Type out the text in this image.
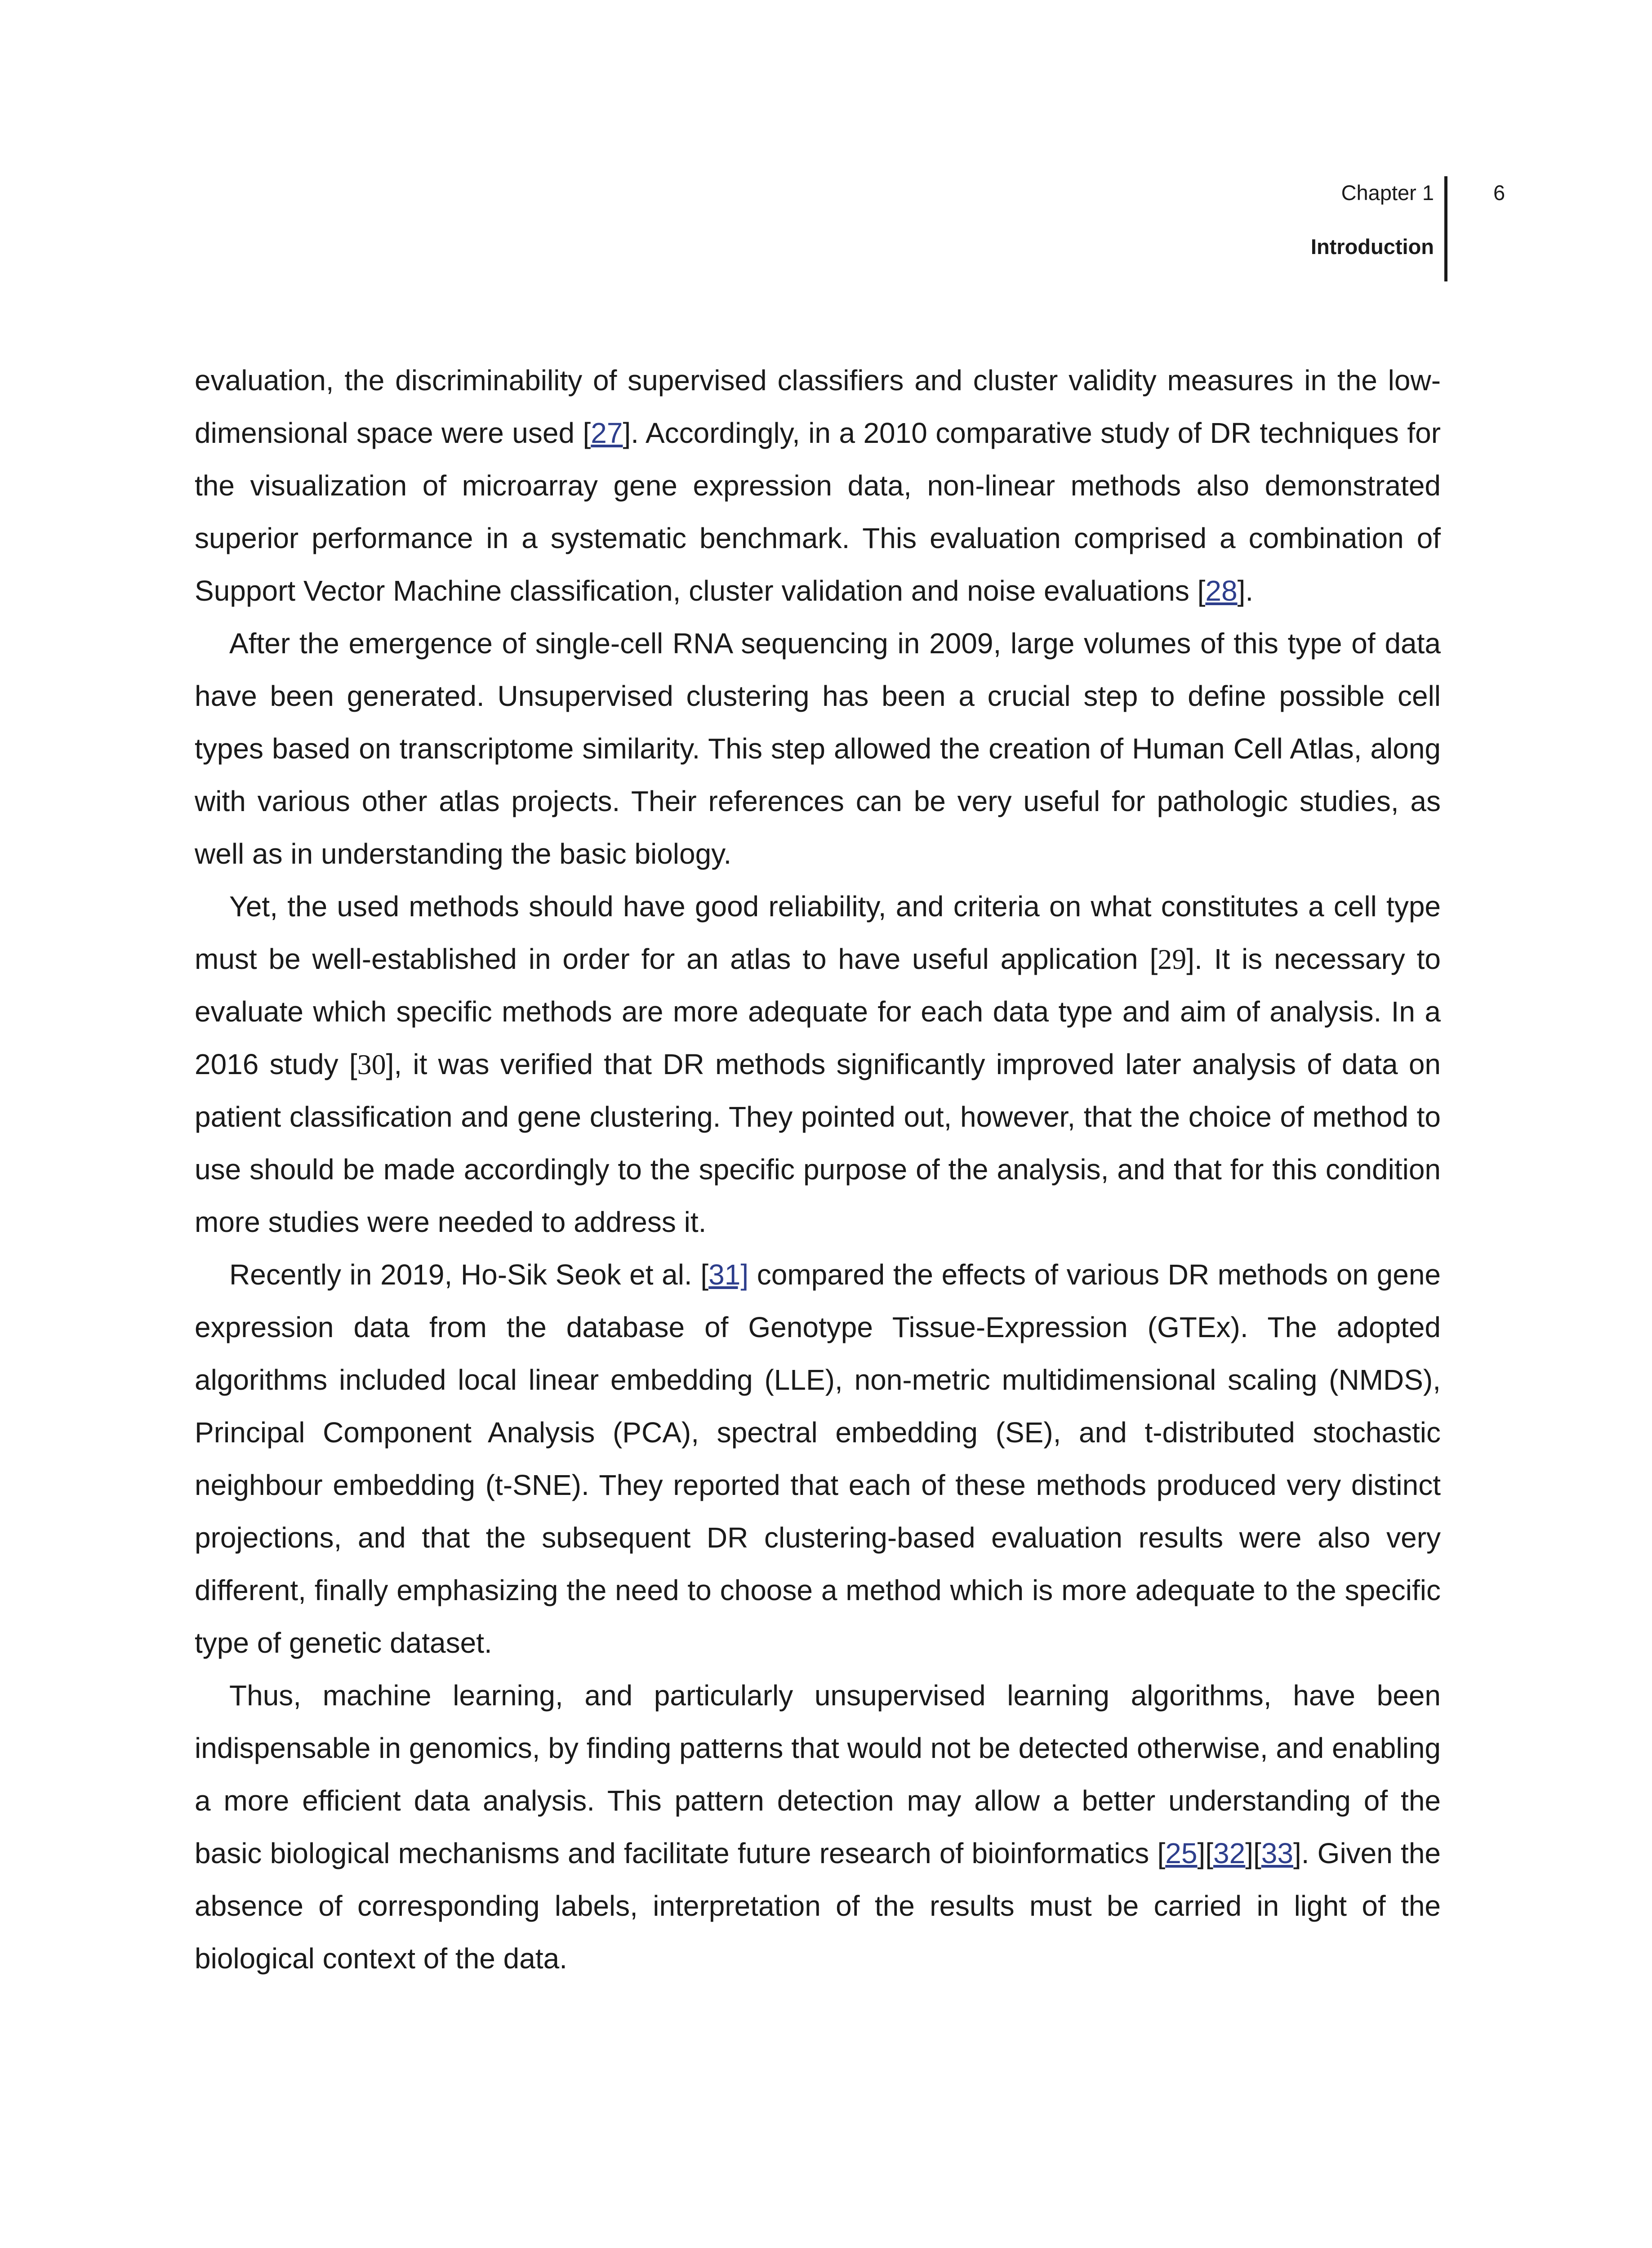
Chapter 1
Introduction
6

evaluation, the discriminability of supervised classifiers and cluster validity measures in the low-dimensional space were used [27]. Accordingly, in a 2010 comparative study of DR techniques for the visualization of microarray gene expression data, non-linear methods also demonstrated superior performance in a systematic benchmark. This evaluation comprised a combination of Support Vector Machine classification, cluster validation and noise evaluations [28].

After the emergence of single-cell RNA sequencing in 2009, large volumes of this type of data have been generated. Unsupervised clustering has been a crucial step to define possible cell types based on transcriptome similarity. This step allowed the creation of Human Cell Atlas, along with various other atlas projects. Their references can be very useful for pathologic studies, as well as in understanding the basic biology.

Yet, the used methods should have good reliability, and criteria on what constitutes a cell type must be well-established in order for an atlas to have useful application [29]. It is necessary to evaluate which specific methods are more adequate for each data type and aim of analysis. In a 2016 study [30], it was verified that DR methods significantly improved later analysis of data on patient classification and gene clustering. They pointed out, however, that the choice of method to use should be made accordingly to the specific purpose of the analysis, and that for this condition more studies were needed to address it.

Recently in 2019, Ho-Sik Seok et al. [31] compared the effects of various DR methods on gene expression data from the database of Genotype Tissue-Expression (GTEx). The adopted algorithms included local linear embedding (LLE), non-metric multidimensional scaling (NMDS), Principal Component Analysis (PCA), spectral embedding (SE), and t-distributed stochastic neighbour embedding (t-SNE). They reported that each of these methods produced very distinct projections, and that the subsequent DR clustering-based evaluation results were also very different, finally emphasizing the need to choose a method which is more adequate to the specific type of genetic dataset.

Thus, machine learning, and particularly unsupervised learning algorithms, have been indispensable in genomics, by finding patterns that would not be detected otherwise, and enabling a more efficient data analysis. This pattern detection may allow a better understanding of the basic biological mechanisms and facilitate future research of bioinformatics [25][32][33]. Given the absence of corresponding labels, interpretation of the results must be carried in light of the biological context of the data.
